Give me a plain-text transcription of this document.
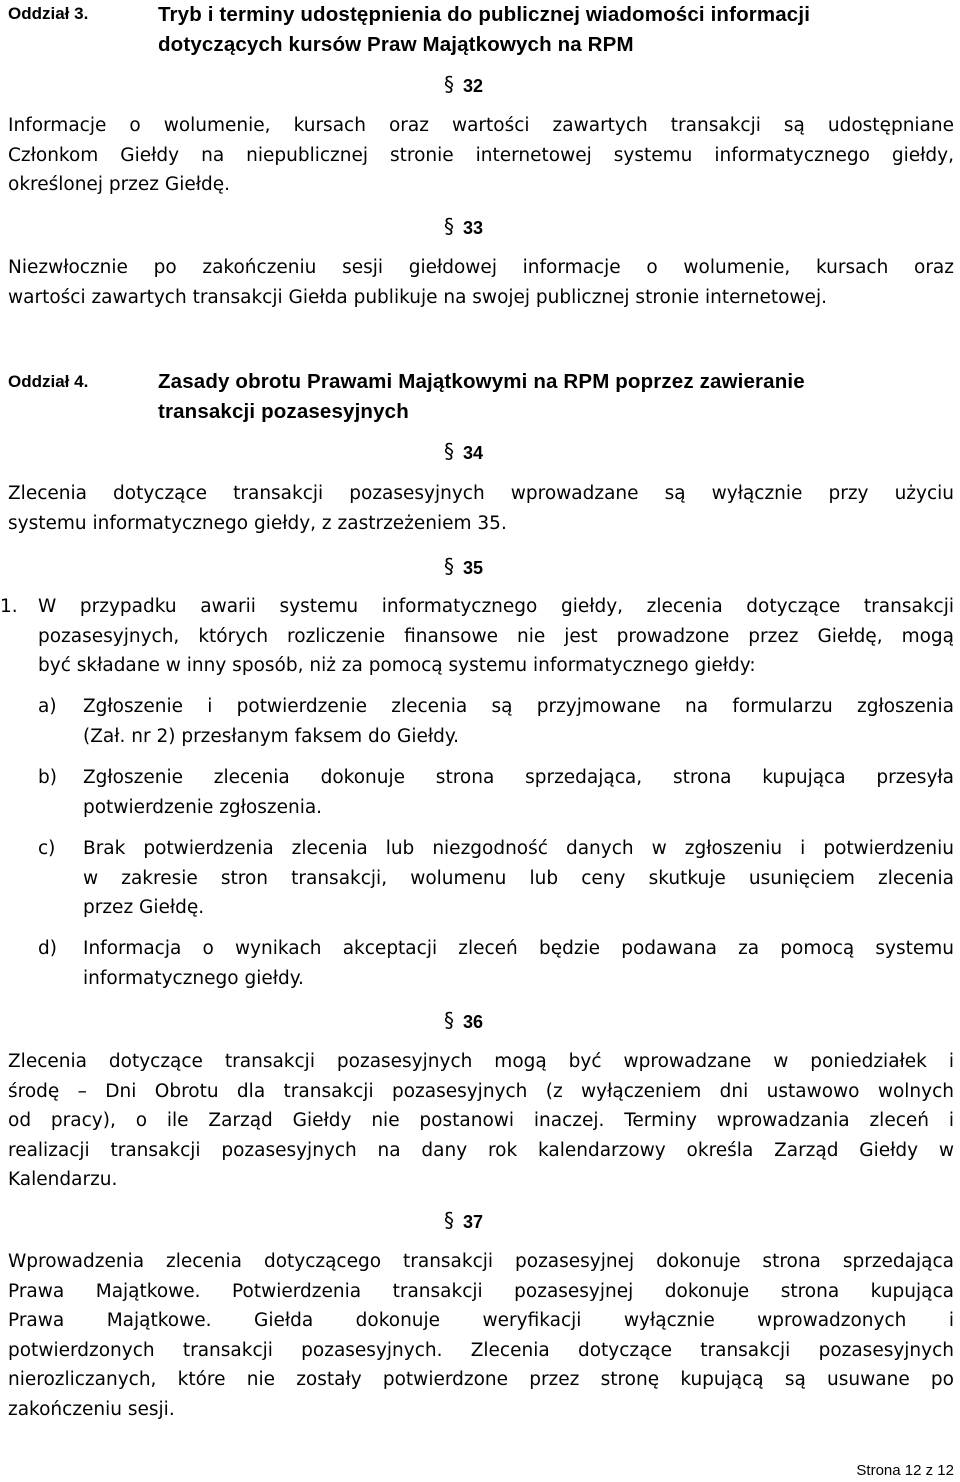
Oddział 3.	Tryb i terminy udostępnienia do publicznej wiadomości informacji
dotyczących kursów Praw Majątkowych na RPM
§ 32
Informacje o wolumenie, kursach oraz wartości zawartych transakcji są udostępniane
Członkom Giełdy na niepublicznej stronie internetowej systemu informatycznego giełdy,
określonej przez Giełdę.
§ 33
Niezwłocznie po zakończeniu sesji giełdowej informacje o wolumenie, kursach oraz
wartości zawartych transakcji Giełda publikuje na swojej publicznej stronie internetowej.
Oddział 4.	Zasady obrotu Prawami Majątkowymi na RPM poprzez zawieranie
transakcji pozasesyjnych
§ 34
Zlecenia dotyczące transakcji pozasesyjnych wprowadzane są wyłącznie przy użyciu
systemu informatycznego giełdy, z zastrzeżeniem 35.
§ 35
1. W przypadku awarii systemu informatycznego giełdy, zlecenia dotyczące transakcji
pozasesyjnych, których rozliczenie finansowe nie jest prowadzone przez Giełdę, mogą
być składane w inny sposób, niż za pomocą systemu informatycznego giełdy:
a) Zgłoszenie i potwierdzenie zlecenia są przyjmowane na formularzu zgłoszenia
(Zał. nr 2) przesłanym faksem do Giełdy.
b) Zgłoszenie zlecenia dokonuje strona sprzedająca, strona kupująca przesyła
potwierdzenie zgłoszenia.
c) Brak potwierdzenia zlecenia lub niezgodność danych w zgłoszeniu i potwierdzeniu
w zakresie stron transakcji, wolumenu lub ceny skutkuje usunięciem zlecenia
przez Giełdę.
d) Informacja o wynikach akceptacji zleceń będzie podawana za pomocą systemu
informatycznego giełdy.
§ 36
Zlecenia dotyczące transakcji pozasesyjnych mogą być wprowadzane w poniedziałek i
środę – Dni Obrotu dla transakcji pozasesyjnych (z wyłączeniem dni ustawowo wolnych
od pracy), o ile Zarząd Giełdy nie postanowi inaczej. Terminy wprowadzania zleceń i
realizacji transakcji pozasesyjnych na dany rok kalendarzowy określa Zarząd Giełdy w
Kalendarzu.
§ 37
Wprowadzenia zlecenia dotyczącego transakcji pozasesyjnej dokonuje strona sprzedająca
Prawa Majątkowe. Potwierdzenia transakcji pozasesyjnej dokonuje strona kupująca
Prawa Majątkowe. Giełda dokonuje weryfikacji wyłącznie wprowadzonych i
potwierdzonych transakcji pozasesyjnych. Zlecenia dotyczące transakcji pozasesyjnych
nierozliczanych, które nie zostały potwierdzone przez stronę kupującą są usuwane po
zakończeniu sesji.
Strona 12 z 12
